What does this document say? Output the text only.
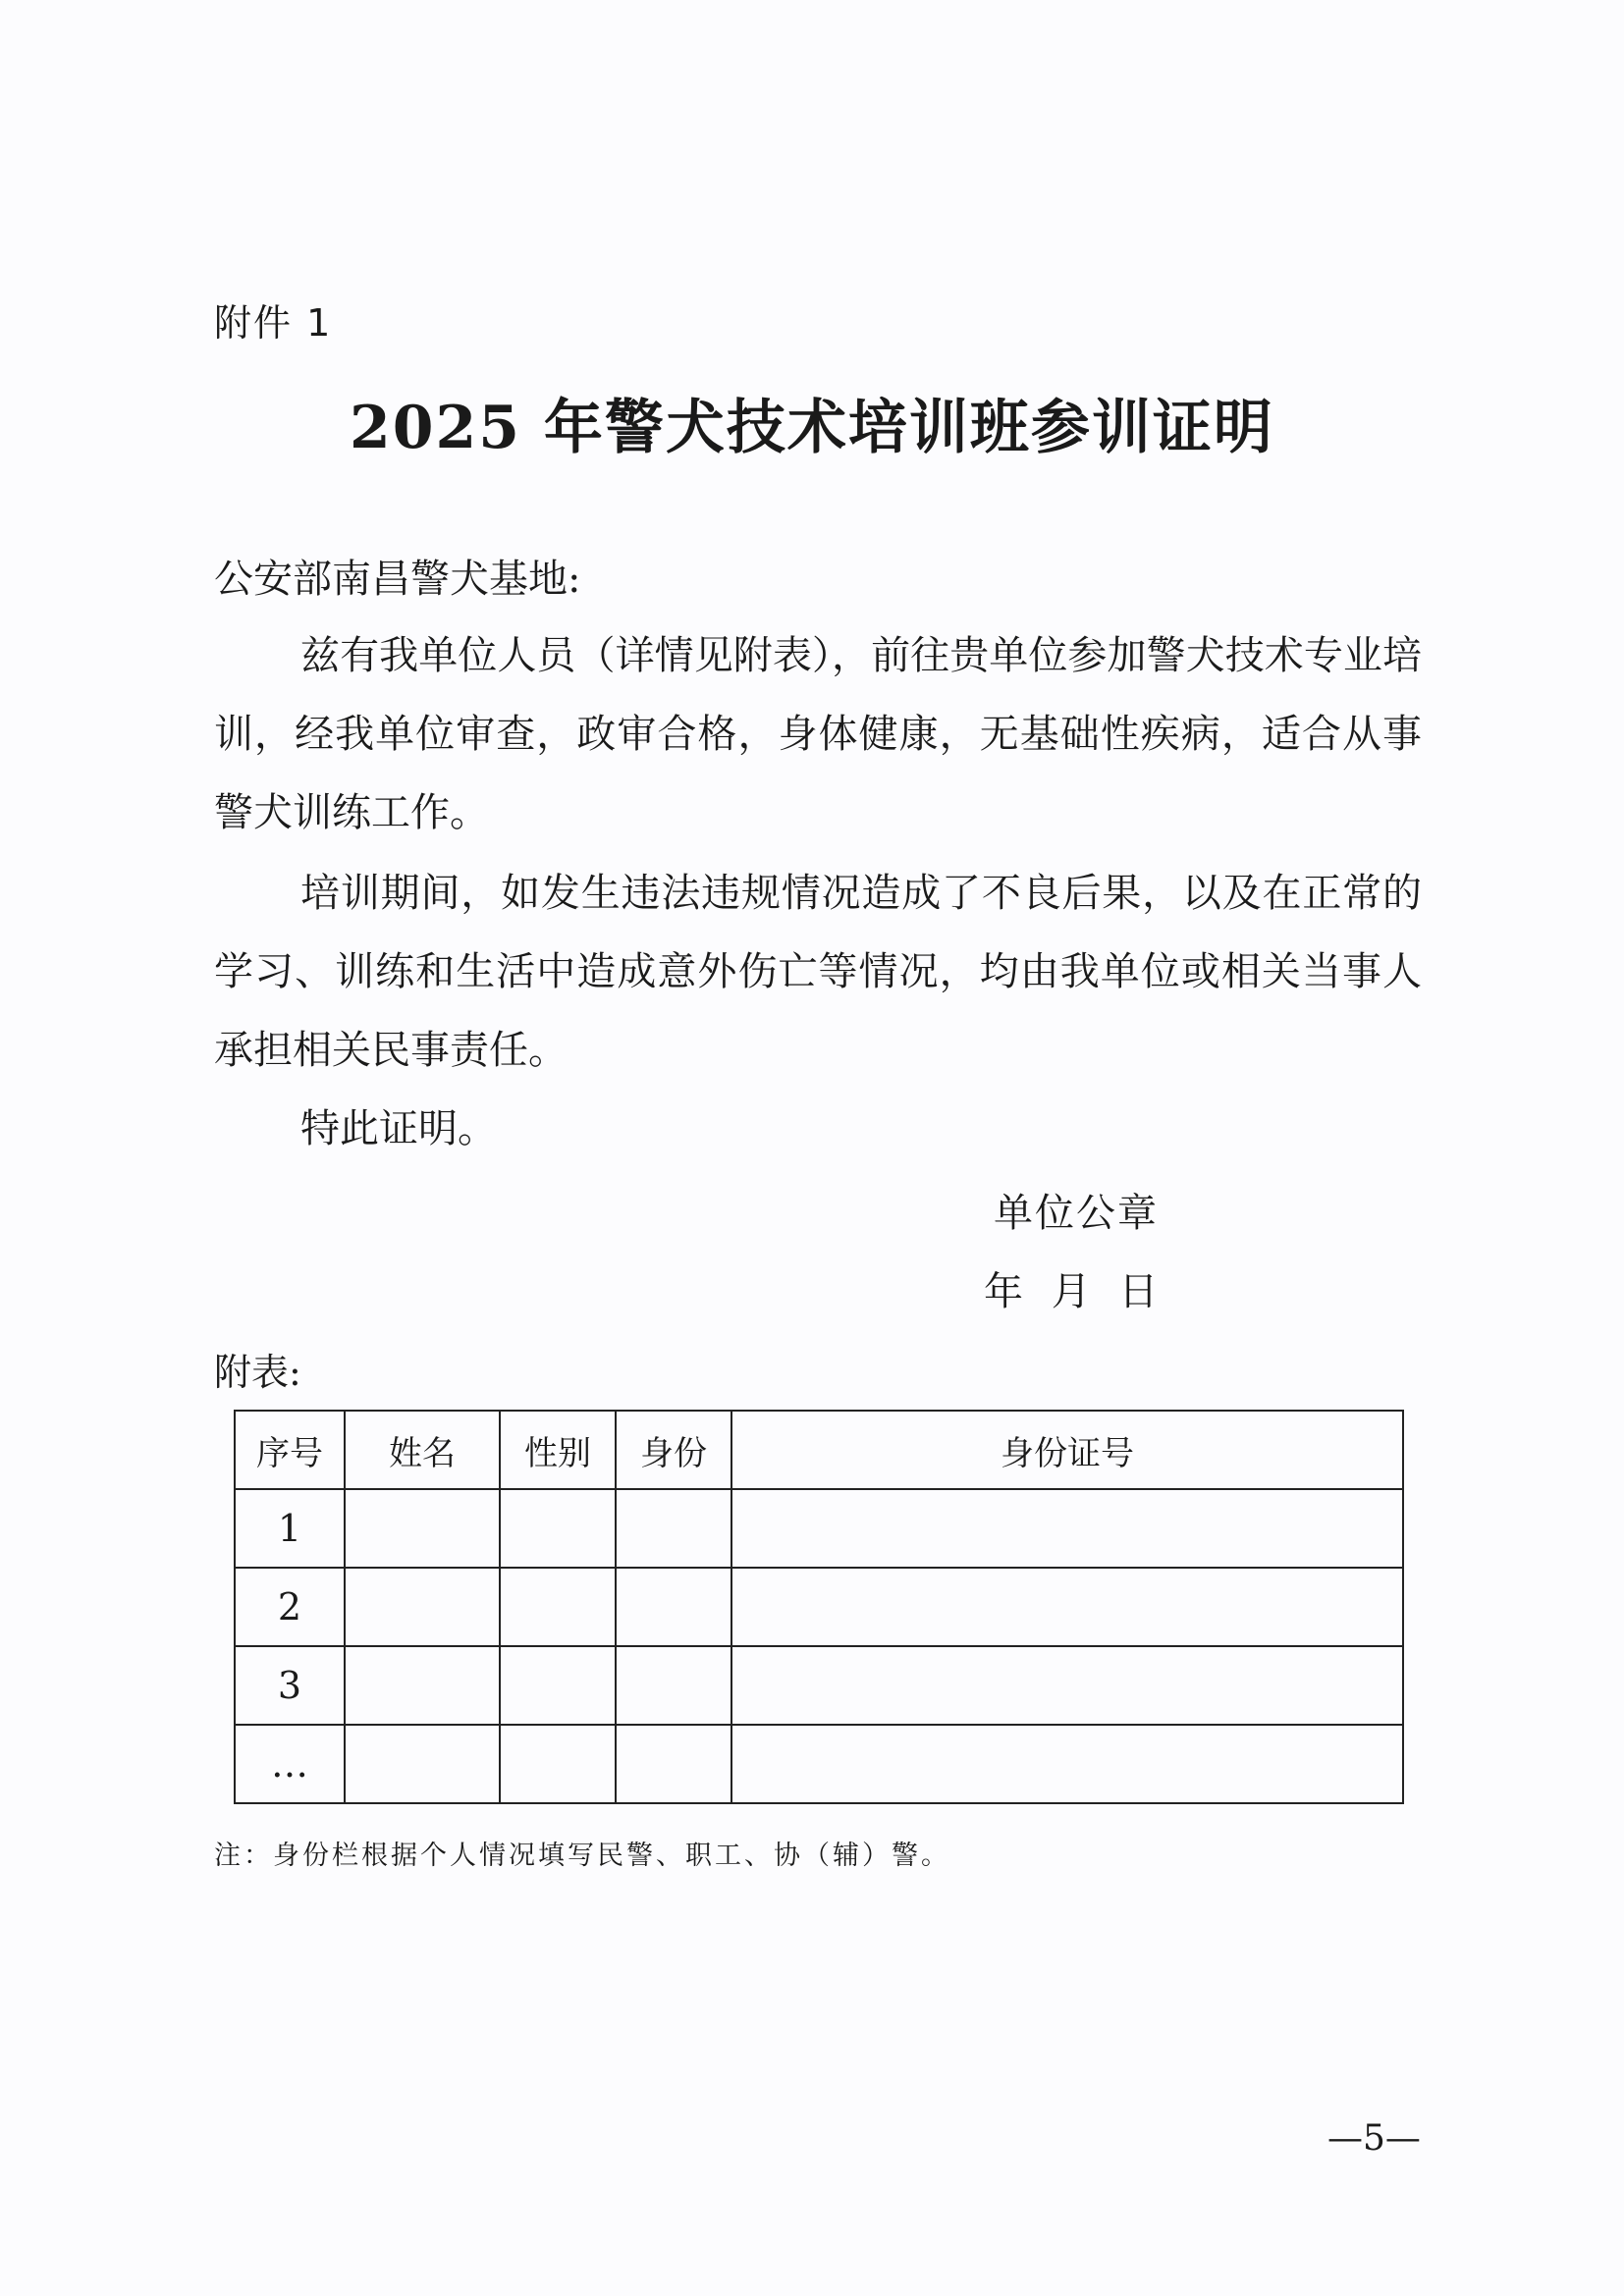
附件 1
2025 年警犬技术培训班参训证明
公安部南昌警犬基地:
兹有我单位人员（详情见附表），前往贵单位参加警犬技术专业培训，经我单位审查，政审合格，身体健康，无基础性疾病，适合从事警犬训练工作。
培训期间，如发生违法违规情况造成了不良后果，以及在正常的学习、训练和生活中造成意外伤亡等情况，均由我单位或相关当事人承担相关民事责任。
特此证明。
单位公章
年 月 日
附表:
序号	姓名	性别	身份	身份证号
1				
2				
3				
…				
注：身份栏根据个人情况填写民警、职工、协（辅）警。
—5—
